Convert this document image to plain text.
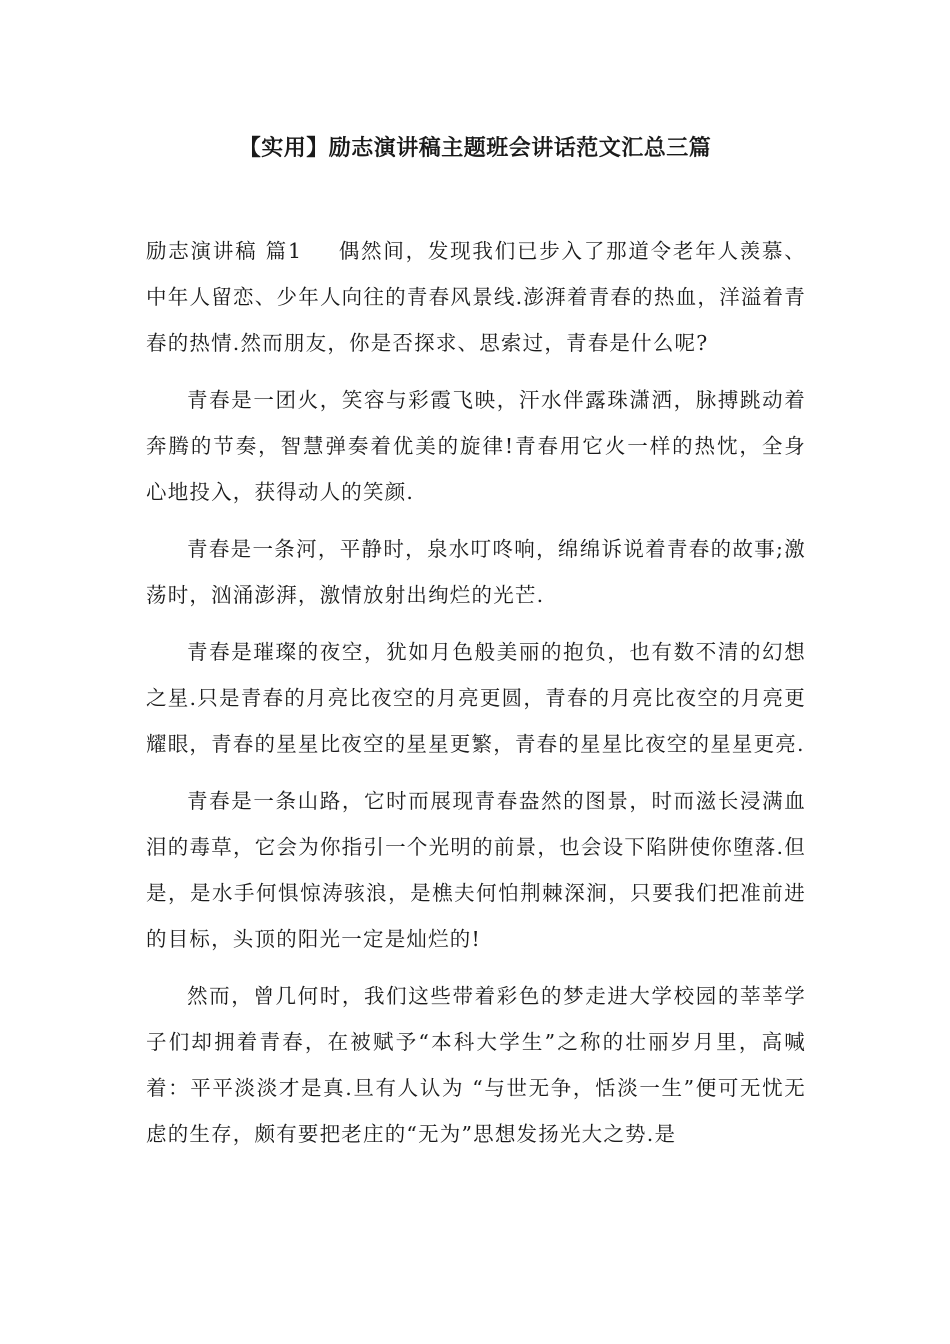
【实用】励志演讲稿主题班会讲话范文汇总三篇

励志演讲稿 篇1 偶然间，发现我们已步入了那道令老年人羡慕、中年人留恋、少年人向往的青春风景线.澎湃着青春的热血，洋溢着青春的热情.然而朋友，你是否探求、思索过，青春是什么呢?

青春是一团火，笑容与彩霞飞映，汗水伴露珠潇洒，脉搏跳动着奔腾的节奏，智慧弹奏着优美的旋律!青春用它火一样的热忱，全身心地投入，获得动人的笑颜.

青春是一条河，平静时，泉水叮咚响，绵绵诉说着青春的故事;激荡时，汹涌澎湃，激情放射出绚烂的光芒.

青春是璀璨的夜空，犹如月色般美丽的抱负，也有数不清的幻想之星.只是青春的月亮比夜空的月亮更圆，青春的月亮比夜空的月亮更耀眼，青春的星星比夜空的星星更繁，青春的星星比夜空的星星更亮.

青春是一条山路，它时而展现青春盎然的图景，时而滋长浸满血泪的毒草，它会为你指引一个光明的前景，也会设下陷阱使你堕落.但是，是水手何惧惊涛骇浪，是樵夫何怕荆棘深涧，只要我们把准前进的目标，头顶的阳光一定是灿烂的!

然而，曾几何时，我们这些带着彩色的梦走进大学校园的莘莘学子们却拥着青春，在被赋予“本科大学生”之称的壮丽岁月里，高喊着：平平淡淡才是真.旦有人认为 “与世无争，恬淡一生”便可无忧无虑的生存，颇有要把老庄的“无为”思想发扬光大之势.是
